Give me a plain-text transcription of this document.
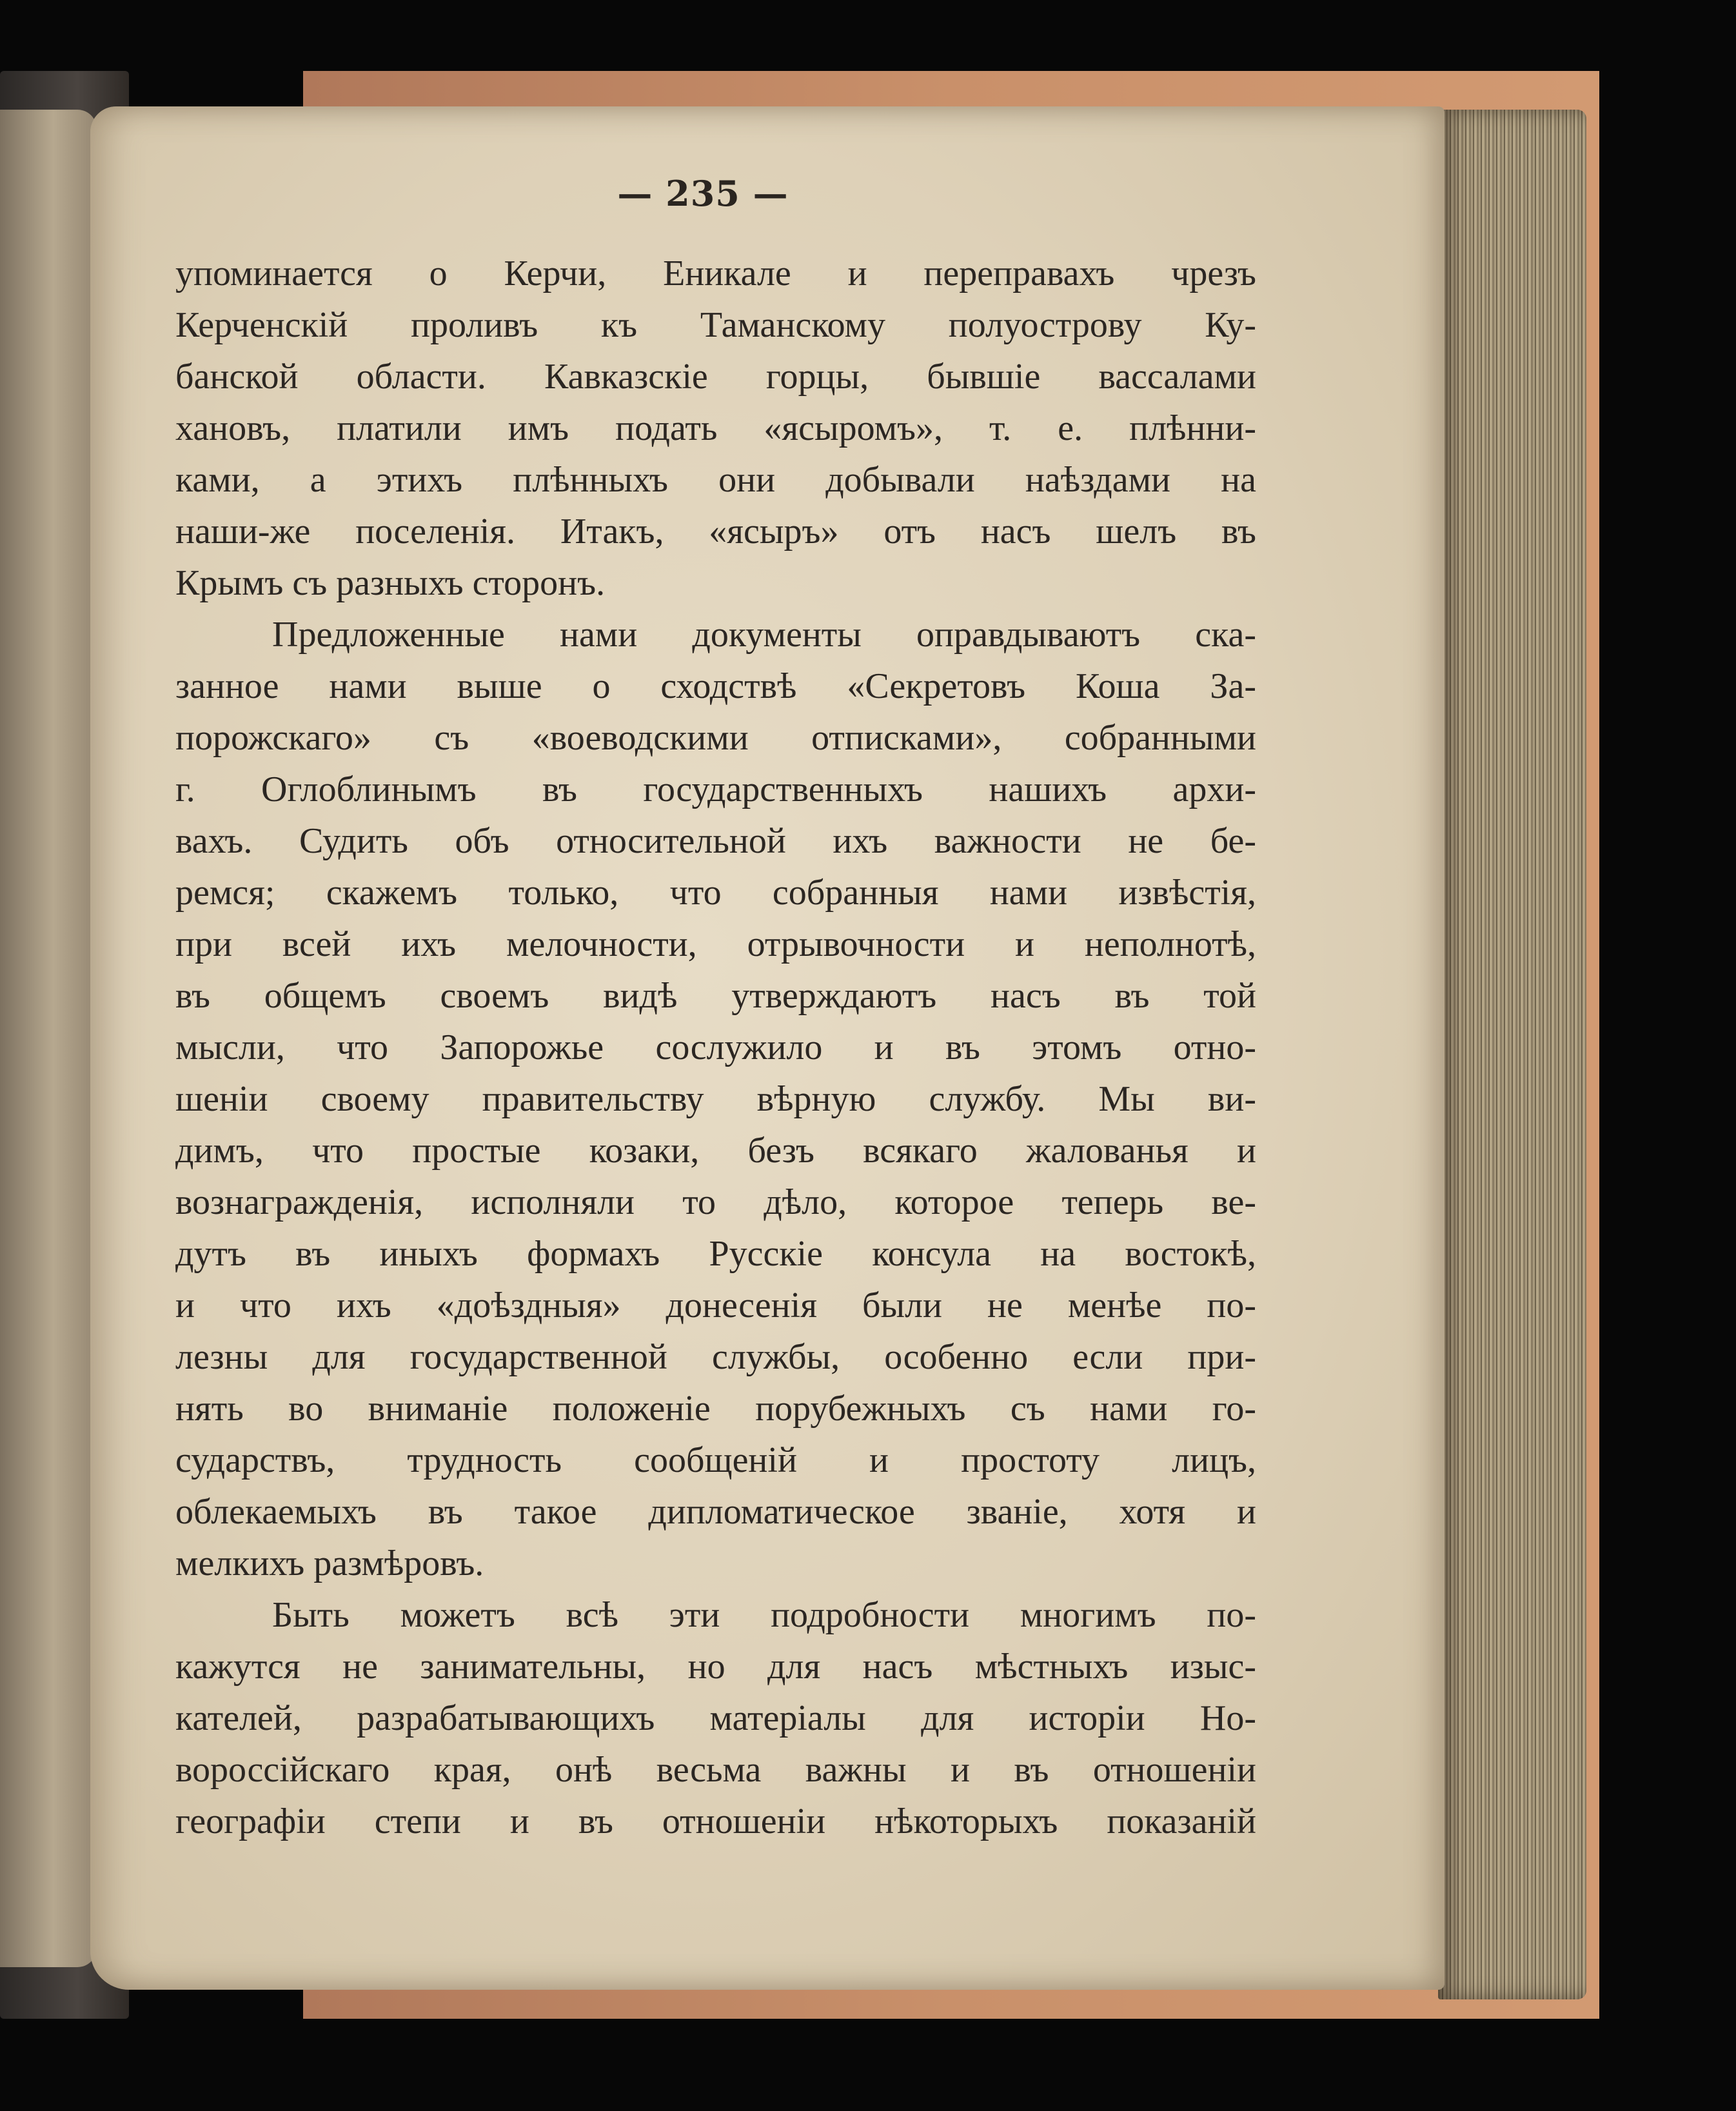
— 235 —
упоминается о Керчи, Еникале и переправахъ чрезъ
Керченскій проливъ къ Таманскому полуострову Ку-
банской области. Кавказскіе горцы, бывшіе вассалами
хановъ, платили имъ подать «ясыромъ», т. е. плѣнни-
ками, а этихъ плѣнныхъ они добывали наѣздами на
наши-же поселенія. Итакъ, «ясыръ» отъ насъ шелъ въ
Крымъ съ разныхъ сторонъ.
Предложенные нами документы оправдываютъ ска-
занное нами выше о сходствѣ «Секретовъ Коша За-
порожскаго» съ «воеводскими отписками», собранными
г. Оглоблинымъ въ государственныхъ нашихъ архи-
вахъ. Судить объ относительной ихъ важности не бе-
ремся; скажемъ только, что собранныя нами извѣстія,
при всей ихъ мелочности, отрывочности и неполнотѣ,
въ общемъ своемъ видѣ утверждаютъ насъ въ той
мысли, что Запорожье сослужило и въ этомъ отно-
шеніи своему правительству вѣрную службу. Мы ви-
димъ, что простые козаки, безъ всякаго жалованья и
вознагражденія, исполняли то дѣло, которое теперь ве-
дутъ въ иныхъ формахъ Русскіе консула на востокѣ,
и что ихъ «доѣздныя» донесенія были не менѣе по-
лезны для государственной службы, особенно если при-
нять во вниманіе положеніе порубежныхъ съ нами го-
сударствъ, трудность сообщеній и простоту лицъ,
облекаемыхъ въ такое дипломатическое званіе, хотя и
мелкихъ размѣровъ.
Быть можетъ всѣ эти подробности многимъ по-
кажутся не занимательны, но для насъ мѣстныхъ изыс-
кателей, разрабатывающихъ матеріалы для исторіи Но-
вороссійскаго края, онѣ весьма важны и въ отношеніи
географіи степи и въ отношеніи нѣкоторыхъ показаній
